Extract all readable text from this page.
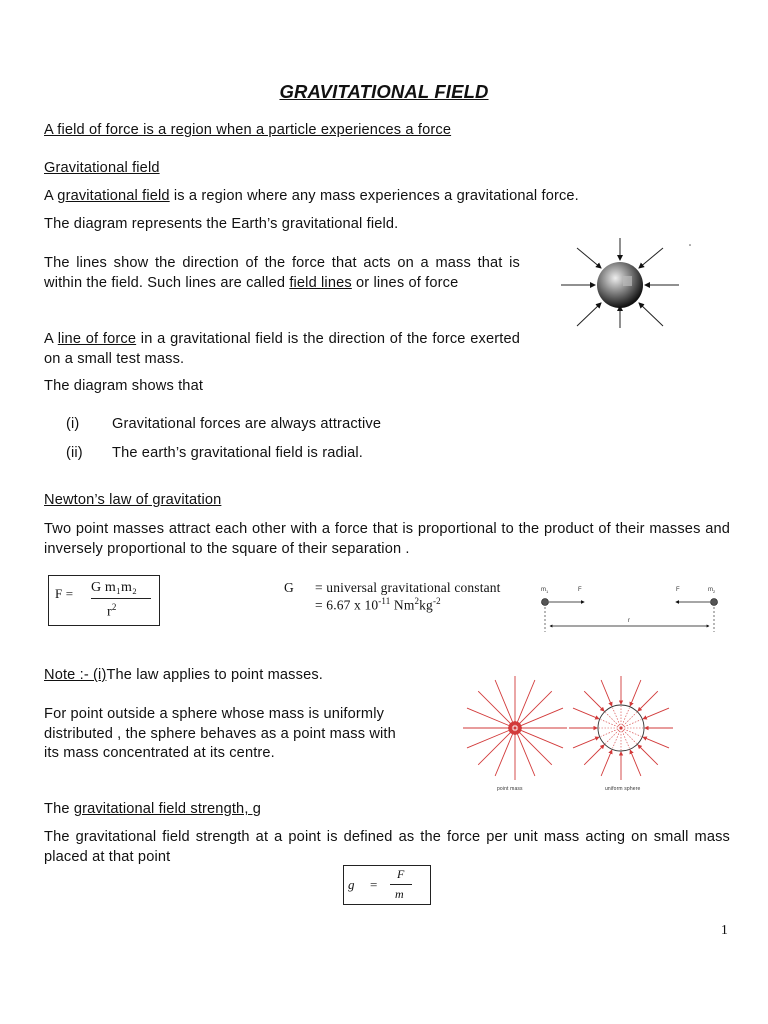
GRAVITATIONAL FIELD
A field of force is a region when a particle experiences a force
Gravitational field
A gravitational field is a region where any mass experiences a gravitational force.
The diagram represents the Earth’s gravitational field.
The lines show the direction of the force that acts on a mass that is within the field. Such lines are called field lines or lines of force
A line of force in a gravitational field is the direction of the force exerted on a small test mass.
The diagram shows that
(i) Gravitational forces are always attractive
(ii) The earth’s gravitational field is radial.
Newton’s law of gravitation
Two point masses attract each other with a force that is proportional to the product of their masses and inversely proportional to the square of their separation .
F = G m₁m₂
$r^2$
G = universal gravitational constant
= 6.67 x $10^{-11}$ $Nm^2kg^{-2}$
m 1	F	F	m 2
r
Note :- (i)The law applies to point masses.
For point outside a sphere whose mass is uniformly distributed , the sphere behaves as a point mass with its mass concentrated at its centre.
point mass	uniform sphere
The gravitational field strength, g
The gravitational field strength at a point is defined as the force per unit mass acting on small mass placed at that point
g =
F
m
1
